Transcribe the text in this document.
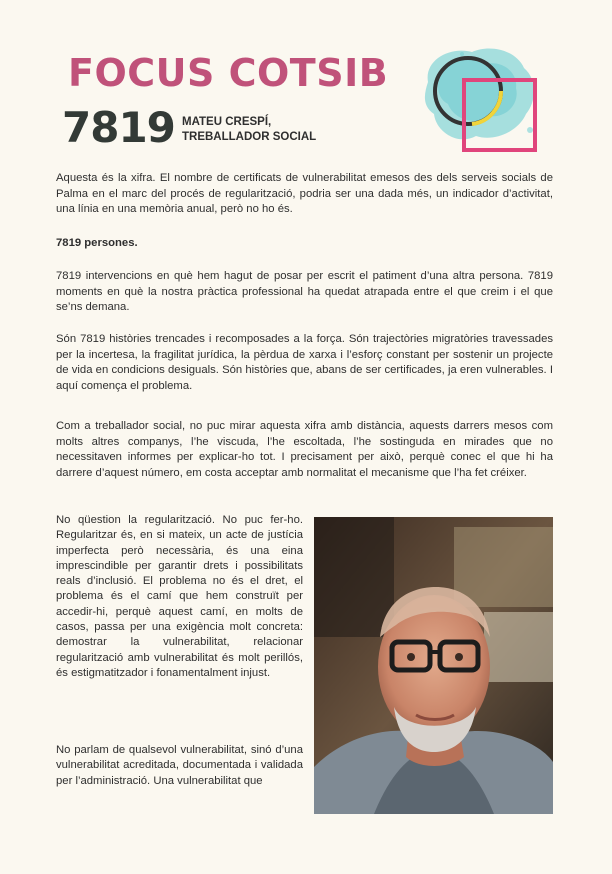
FOCUS COTSIB
7819 MATEU CRESPÍ,
TREBALLADOR SOCIAL

Aquesta és la xifra. El nombre de certificats de vulnerabilitat emesos des dels serveis socials de Palma en el marc del procés de regularització, podria ser una dada més, un indicador d’activitat, una línia en una memòria anual, però no ho és.

7819 persones.

7819 intervencions en què hem hagut de posar per escrit el patiment d’una altra persona. 7819 moments en què la nostra pràctica professional ha quedat atrapada entre el que creim i el que se’ns demana.

Són 7819 històries trencades i recomposades a la força. Són trajectòries migratòries travessades per la incertesa, la fragilitat jurídica, la pèrdua de xarxa i l’esforç constant per sostenir un projecte de vida en condicions desiguals. Són històries que, abans de ser certificades, ja eren vulnerables. I aquí comença el problema.

Com a treballador social, no puc mirar aquesta xifra amb distància, aquests darrers mesos com molts altres companys, l’he viscuda, l’he escoltada, l’he sostinguda en mirades que no necessitaven informes per explicar-ho tot. I precisament per això, perquè conec el que hi ha darrere d’aquest número, em costa acceptar amb normalitat el mecanisme que l’ha fet créixer.

No qüestion la regularització. No puc fer-ho. Regularitzar és, en si mateix, un acte de justícia imperfecta però necessària, és una eina imprescindible per garantir drets i possibilitats reals d’inclusió. El problema no és el dret, el problema és el camí que hem construït per accedir-hi, perquè aquest camí, en molts de casos, passa per una exigència molt concreta: demostrar la vulnerabilitat, relacionar regularització amb vulnerabilitat és molt perillós, és estigmatitzador i fonamentalment injust.

No parlam de qualsevol vulnerabilitat, sinó d’una vulnerabilitat acreditada, documentada i validada per l’administració. Una vulnerabilitat que
